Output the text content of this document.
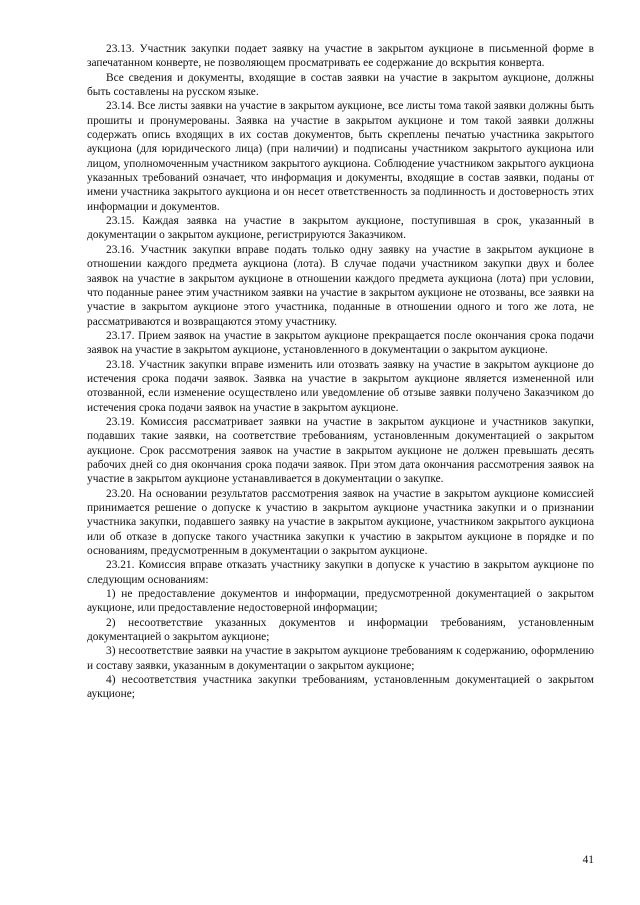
23.13. Участник закупки подает заявку на участие в закрытом аукционе в письменной форме в запечатанном конверте, не позволяющем просматривать ее содержание до вскрытия конверта.

Все сведения и документы, входящие в состав заявки на участие в закрытом аукционе, должны быть составлены на русском языке.

23.14. Все листы заявки на участие в закрытом аукционе, все листы тома такой заявки должны быть прошиты и пронумерованы. Заявка на участие в закрытом аукционе и том такой заявки должны содержать опись входящих в их состав документов, быть скреплены печатью участника закрытого аукциона (для юридического лица) (при наличии) и подписаны участником закрытого аукциона или лицом, уполномоченным участником закрытого аукциона. Соблюдение участником закрытого аукциона указанных требований означает, что информация и документы, входящие в состав заявки, поданы от имени участника закрытого аукциона и он несет ответственность за подлинность и достоверность этих информации и документов.

23.15. Каждая заявка на участие в закрытом аукционе, поступившая в срок, указанный в документации о закрытом аукционе, регистрируются Заказчиком.

23.16. Участник закупки вправе подать только одну заявку на участие в закрытом аукционе в отношении каждого предмета аукциона (лота). В случае подачи участником закупки двух и более заявок на участие в закрытом аукционе в отношении каждого предмета аукциона (лота) при условии, что поданные ранее этим участником заявки на участие в закрытом аукционе не отозваны, все заявки на участие в закрытом аукционе этого участника, поданные в отношении одного и того же лота, не рассматриваются и возвращаются этому участнику.

23.17. Прием заявок на участие в закрытом аукционе прекращается после окончания срока подачи заявок на участие в закрытом аукционе, установленного в документации о закрытом аукционе.

23.18. Участник закупки вправе изменить или отозвать заявку на участие в закрытом аукционе до истечения срока подачи заявок. Заявка на участие в закрытом аукционе является измененной или отозванной, если изменение осуществлено или уведомление об отзыве заявки получено Заказчиком до истечения срока подачи заявок на участие в закрытом аукционе.

23.19. Комиссия рассматривает заявки на участие в закрытом аукционе и участников закупки, подавших такие заявки, на соответствие требованиям, установленным документацией о закрытом аукционе. Срок рассмотрения заявок на участие в закрытом аукционе не должен превышать десять рабочих дней со дня окончания срока подачи заявок. При этом дата окончания рассмотрения заявок на участие в закрытом аукционе устанавливается в документации о закупке.

23.20. На основании результатов рассмотрения заявок на участие в закрытом аукционе комиссией принимается решение о допуске к участию в закрытом аукционе участника закупки и о признании участника закупки, подавшего заявку на участие в закрытом аукционе, участником закрытого аукциона или об отказе в допуске такого участника закупки к участию в закрытом аукционе в порядке и по основаниям, предусмотренным в документации о закрытом аукционе.

23.21. Комиссия вправе отказать участнику закупки в допуске к участию в закрытом аукционе по следующим основаниям:

1) не предоставление документов и информации, предусмотренной документацией о закрытом аукционе, или предоставление недостоверной информации;

2) несоответствие указанных документов и информации требованиям, установленным документацией о закрытом аукционе;

3) несоответствие заявки на участие в закрытом аукционе требованиям к содержанию, оформлению и составу заявки, указанным в документации о закрытом аукционе;

4) несоответствия участника закупки требованиям, установленным документацией о закрытом аукционе;

41
